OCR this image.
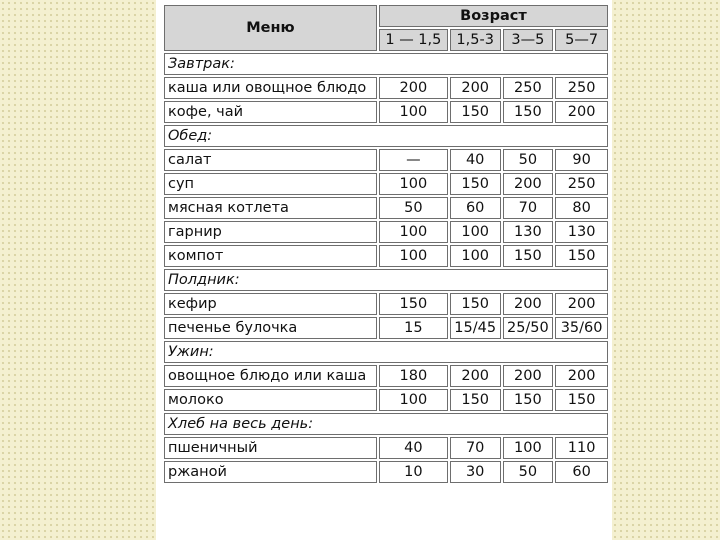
Меню	Возраст			
	1 — 1,5	1,5-3	3—5	5—7
Завтрак:				
каша или овощное блюдо	200	200	250	250
кофе, чай	100	150	150	200
Обед:				
салат	—	40	50	90
суп	100	150	200	250
мясная котлета	50	60	70	80
гарнир	100	100	130	130
компот	100	100	150	150
Полдник:				
кефир	150	150	200	200
печенье булочка	15	15/45	25/50	35/60
Ужин:				
овощное блюдо или каша	180	200	200	200
молоко	100	150	150	150
Хлеб на весь день:				
пшеничный	40	70	100	110
ржаной	10	30	50	60
